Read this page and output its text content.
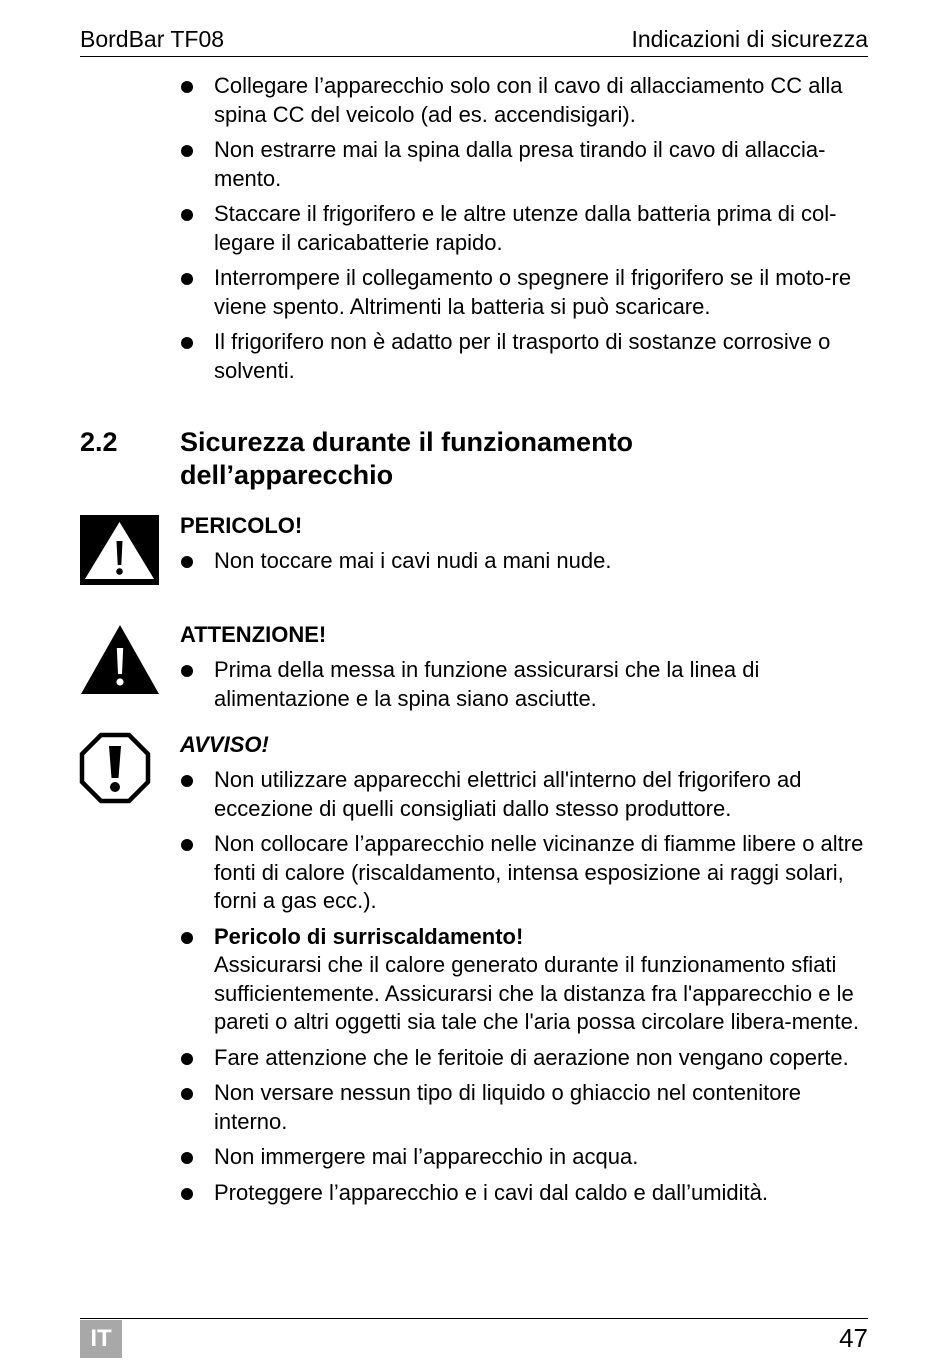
BordBar TF08	Indicazioni di sicurezza
Collegare l’apparecchio solo con il cavo di allacciamento CC alla spina CC del veicolo (ad es. accendisigari).
Non estrarre mai la spina dalla presa tirando il cavo di allaccia-mento.
Staccare il frigorifero e le altre utenze dalla batteria prima di col-legare il caricabatterie rapido.
Interrompere il collegamento o spegnere il frigorifero se il moto-re viene spento. Altrimenti la batteria si può scaricare.
Il frigorifero non è adatto per il trasporto di sostanze corrosive o solventi.
2.2 Sicurezza durante il funzionamento dell’apparecchio
PERICOLO!
Non toccare mai i cavi nudi a mani nude.
ATTENZIONE!
Prima della messa in funzione assicurarsi che la linea di alimentazione e la spina siano asciutte.
AVVISO!
Non utilizzare apparecchi elettrici all'interno del frigorifero ad eccezione di quelli consigliati dallo stesso produttore.
Non collocare l’apparecchio nelle vicinanze di fiamme libere o altre fonti di calore (riscaldamento, intensa esposizione ai raggi solari, forni a gas ecc.).
Pericolo di surriscaldamento!
Assicurarsi che il calore generato durante il funzionamento sfiati sufficientemente. Assicurarsi che la distanza fra l'apparecchio e le pareti o altri oggetti sia tale che l'aria possa circolare libera-mente.
Fare attenzione che le feritoie di aerazione non vengano coperte.
Non versare nessun tipo di liquido o ghiaccio nel contenitore interno.
Non immergere mai l’apparecchio in acqua.
Proteggere l’apparecchio e i cavi dal caldo e dall’umidità.
IT	47
